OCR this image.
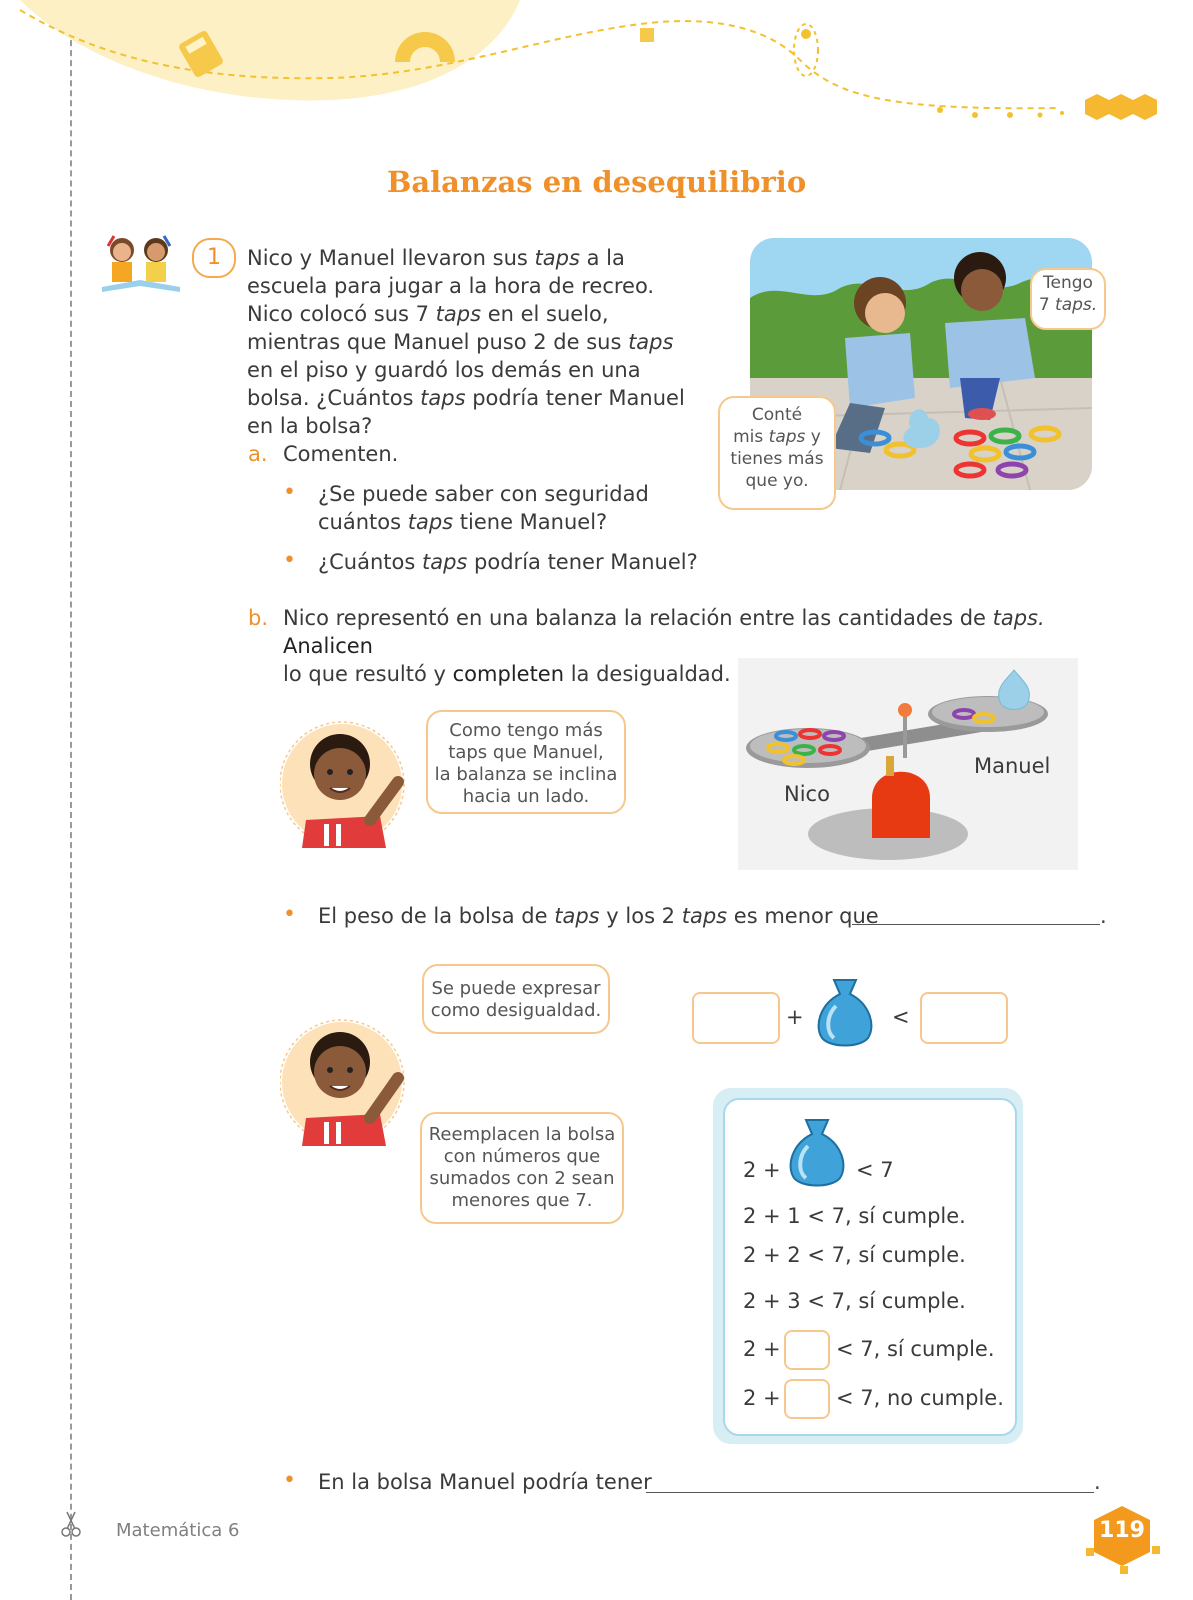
Balanzas en desequilibrio
1	Nico y Manuel llevaron sus taps a la escuela para jugar a la hora de recreo. Nico colocó sus 7 taps en el suelo, mientras que Manuel puso 2 de sus taps en el piso y guardó los demás en una bolsa. ¿Cuántos taps podría tener Manuel en la bolsa?
Tengo
7 taps.
Conté
mis taps y
tienes más
que yo.
a. Comenten.
• ¿Se puede saber con seguridad
cuántos taps tiene Manuel?
• ¿Cuántos taps podría tener Manuel?
b. Nico representó en una balanza la relación entre las cantidades de taps. Analicen
lo que resultó y completen la desigualdad.
Como tengo más
taps que Manuel,
la balanza se inclina
hacia un lado.	Nico
Manuel
• El peso de la bolsa de taps y los 2 taps es menor que	.
Se puede expresar
como desigualdad.
Reemplacen la bolsa
con números que
sumados con 2 sean
menores que 7.
+	<
2 +	< 7
2 + 1 < 7, sí cumple.
2 + 2 < 7, sí cumple.
2 + 3 < 7, sí cumple.
2 +	< 7, sí cumple.
2 +	< 7, no cumple.
• En la bolsa Manuel podría tener	.
Matemática 6	119
